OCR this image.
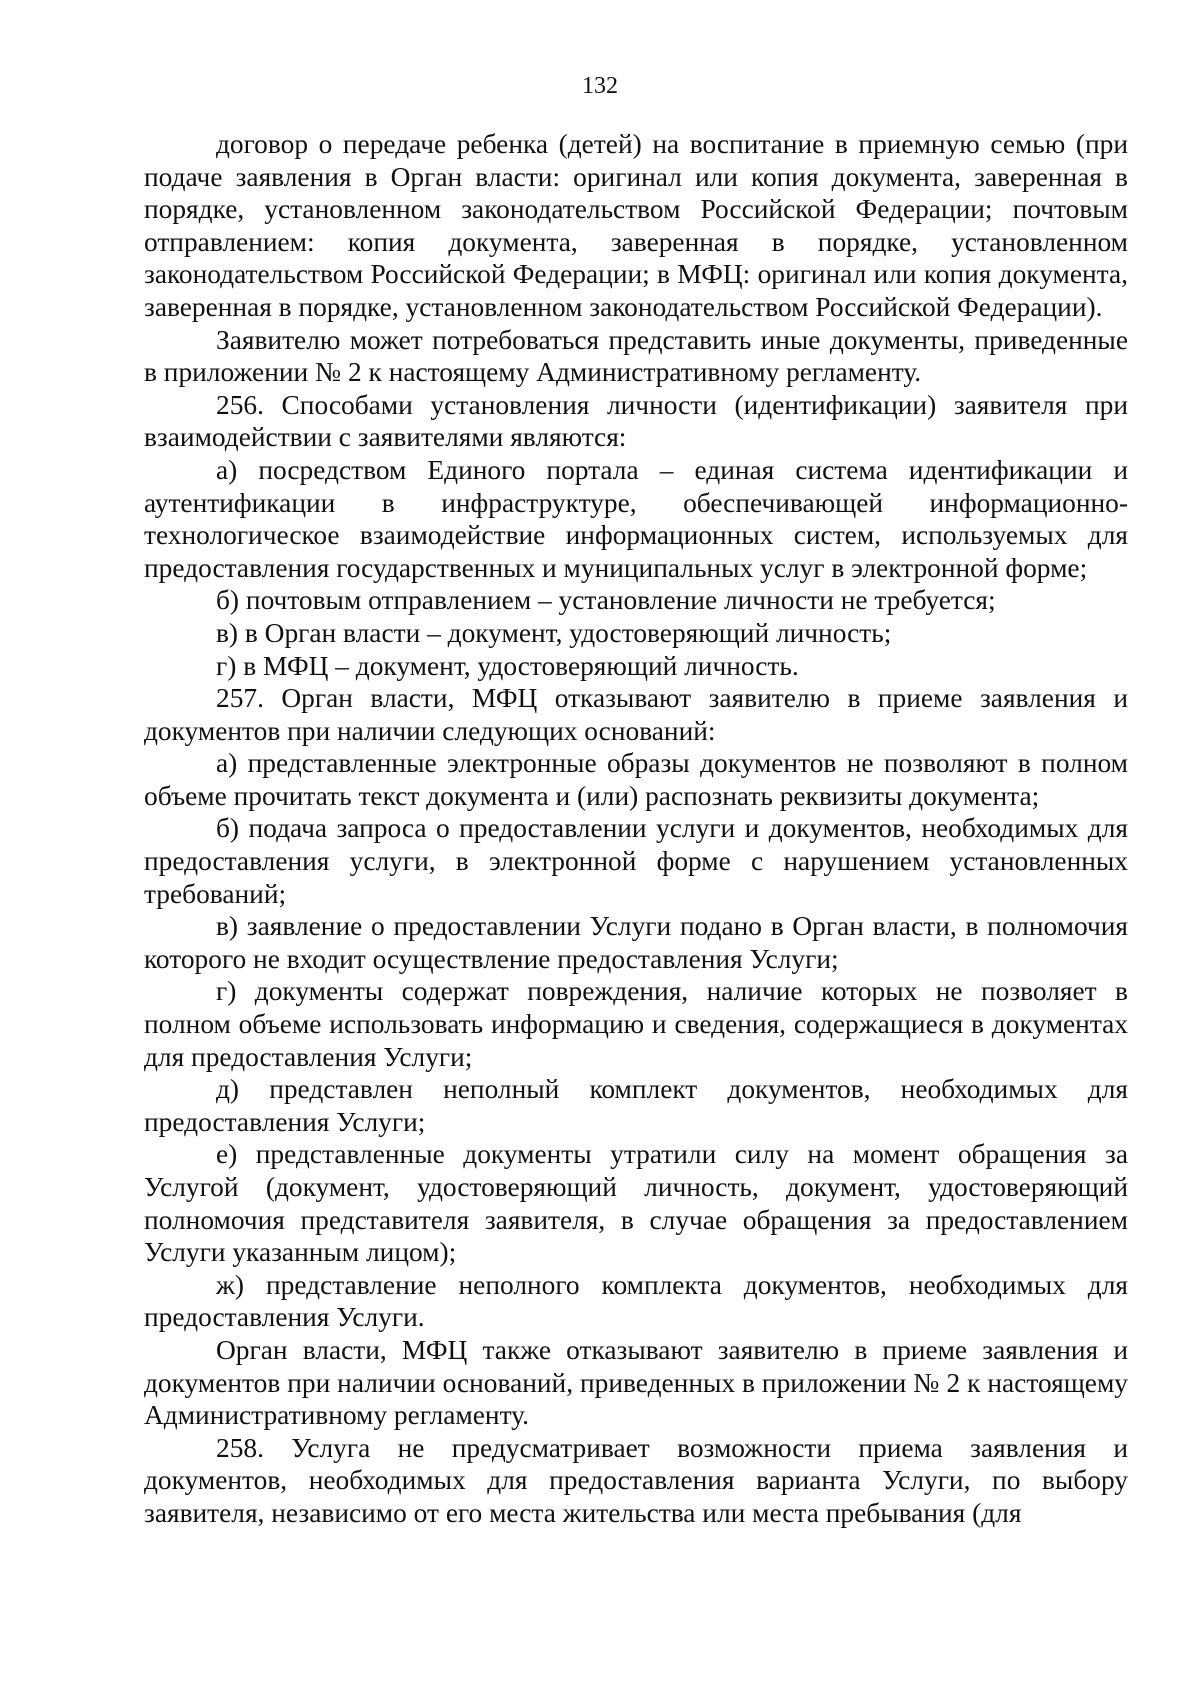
132

договор о передаче ребенка (детей) на воспитание в приемную семью (при подаче заявления в Орган власти: оригинал или копия документа, заверенная в порядке, установленном законодательством Российской Федерации; почтовым отправлением: копия документа, заверенная в порядке, установленном законодательством Российской Федерации; в МФЦ: оригинал или копия документа, заверенная в порядке, установленном законодательством Российской Федерации).

Заявителю может потребоваться представить иные документы, приведенные в приложении № 2 к настоящему Административному регламенту.

256. Способами установления личности (идентификации) заявителя при взаимодействии с заявителями являются:

а) посредством Единого портала – единая система идентификации и аутентификации в инфраструктуре, обеспечивающей информационно-технологическое взаимодействие информационных систем, используемых для предоставления государственных и муниципальных услуг в электронной форме;

б) почтовым отправлением – установление личности не требуется;

в) в Орган власти – документ, удостоверяющий личность;

г) в МФЦ – документ, удостоверяющий личность.

257. Орган власти, МФЦ отказывают заявителю в приеме заявления и документов при наличии следующих оснований:

а) представленные электронные образы документов не позволяют в полном объеме прочитать текст документа и (или) распознать реквизиты документа;

б) подача запроса о предоставлении услуги и документов, необходимых для предоставления услуги, в электронной форме с нарушением установленных требований;

в) заявление о предоставлении Услуги подано в Орган власти, в полномочия которого не входит осуществление предоставления Услуги;

г) документы содержат повреждения, наличие которых не позволяет в полном объеме использовать информацию и сведения, содержащиеся в документах для предоставления Услуги;

д) представлен неполный комплект документов, необходимых для предоставления Услуги;

е) представленные документы утратили силу на момент обращения за Услугой (документ, удостоверяющий личность, документ, удостоверяющий полномочия представителя заявителя, в случае обращения за предоставлением Услуги указанным лицом);

ж) представление неполного комплекта документов, необходимых для предоставления Услуги.

Орган власти, МФЦ также отказывают заявителю в приеме заявления и документов при наличии оснований, приведенных в приложении № 2 к настоящему Административному регламенту.

258. Услуга не предусматривает возможности приема заявления и документов, необходимых для предоставления варианта Услуги, по выбору заявителя, независимо от его места жительства или места пребывания (для
